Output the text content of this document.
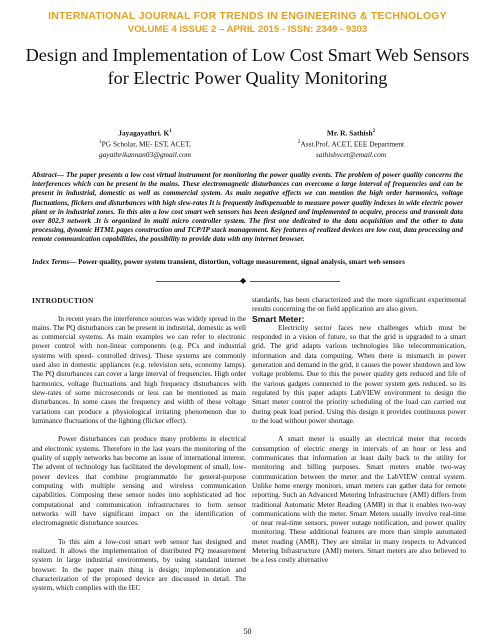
INTERNATIONAL JOURNAL FOR TRENDS IN ENGINEERING & TECHNOLOGY
VOLUME 4 ISSUE 2 – APRIL 2015 - ISSN: 2349 - 9303
Design and Implementation of Low Cost Smart Web Sensors for Electric Power Quality Monitoring
Jayagayathri. $K^1$
$^1$PG Scholar, ME- EST, ACET,
gayathrikannan03@gmail.com
Mr. R. Sathish$^2$
$^2$Asst.Prof, ACET, EEE Department
sathishvcet@email.com

Abstract— The paper presents a low cost virtual instrument for monitoring the power quality events. The problem of power quality concerns the interferences which can be present in the mains. These electromagnetic disturbances can overcome a large interval of frequencies and can be present in industrial, domestic as well as commercial system. As main negative effects we can mention the high order harmonics, voltage fluctuations, flickers and disturbances with high slew-rates It is frequently indispensable to measure power quality indexes in wide electric power plant or in industrial zones. To this aim a low cost smart web sensors has been designed and implemented to acquire, process and transmit data over 802.3 network .It is organized in multi micro controller system. The first one dedicated to the data acquisition and the other to data processing, dynamic HTML pages construction and TCP/IP stack management. Key features of realized devices are low cost, data processing and remote communication capabilities, the possibility to provide data with any internet browser.

Index Terms— Power quality, power system transient, distortion, voltage measurement, signal analysis, smart web sensors

◆

INTRODUCTION

In recent years the interference sources was widely spread in the mains. The PQ disturbances can be present in industrial, domestic as well as commercial systems. As main examples we can refer to electronic power control with non-linear components (e.g. PCs and industrial systems with speed- controlled drives). These systems are commonly used also in domestic appliances (e.g. television sets, economy lamps). The PQ disturbances can cover a large interval of frequencies. High order harmonics, voltage fluctuations and high frequency disturbances with slew-rates of some microseconds or less can be mentioned as main disturbances. In some cases the frequency and width of these voltage variations can produce a physiological irritating phenomenon due to luminance fluctuations of the lighting (flicker effect).

Power disturbances can produce many problems in electrical and electronic systems. Therefore in the last years the monitoring of the quality of supply networks has become an issue of international interest. The advent of technology has facilitated the development of small, low-power devices that combine programmable for general-purpose computing with multiple sensing and wireless communication capabilities. Composing these sensor nodes into sophisticated ad hoc computational and communication infrastructures to form sensor networks will have significant impact on the identification of electromagnetic disturbance sources.

To this aim a low-cost smart web sensor has designed and realized. It allows the implementation of distributed PQ measurement system in large industrial environments, by using standard internet browser. In the paper main thing is design; implementation and characterization of the proposed device are discussed in detail. The system, which complies with the IEC

standards, has been characterized and the more significant experimental results concerning the on field application are also given.

Smart Meter:

Electricity sector faces new challenges which must be responded in a vision of future, so that the grid is upgraded to a smart grid. The grid adapts various technologies like telecommunication, information and data computing. When there is mismatch in power generation and demand in the grid, it causes the power shutdown and low voltage problems. Due to this the power quality gets reduced and life of the various gadgets connected to the power system gets reduced. so its regulated by this paper adapts LabVIEW environment to design the Smart meter control the priority scheduling of the load can carried out during peak load period. Using this design it provides continuous power to the load without power shortage.

A smart meter is usually an electrical meter that records consumption of electric energy in intervals of an hour or less and communicates that information at least daily back to the utility for monitoring and billing purposes. Smart meters enable two-way communication between the meter and the LabVIEW central system. Unlike home energy monitors, smart meters can gather data for remote reporting. Such an Advanced Metering Infrastructure (AMI) differs from traditional Automatic Meter Reading (AMR) in that it enables two-way communications with the meter. Smart Meters usually involve real-time or near real-time sensors, power outage notification, and power quality monitoring. These additional features are more than simple automated meter reading (AMR). They are similar in many respects to Advanced Metering Infrastructure (AMI) meters. Smart meters are also believed to be a less costly alternative

50
